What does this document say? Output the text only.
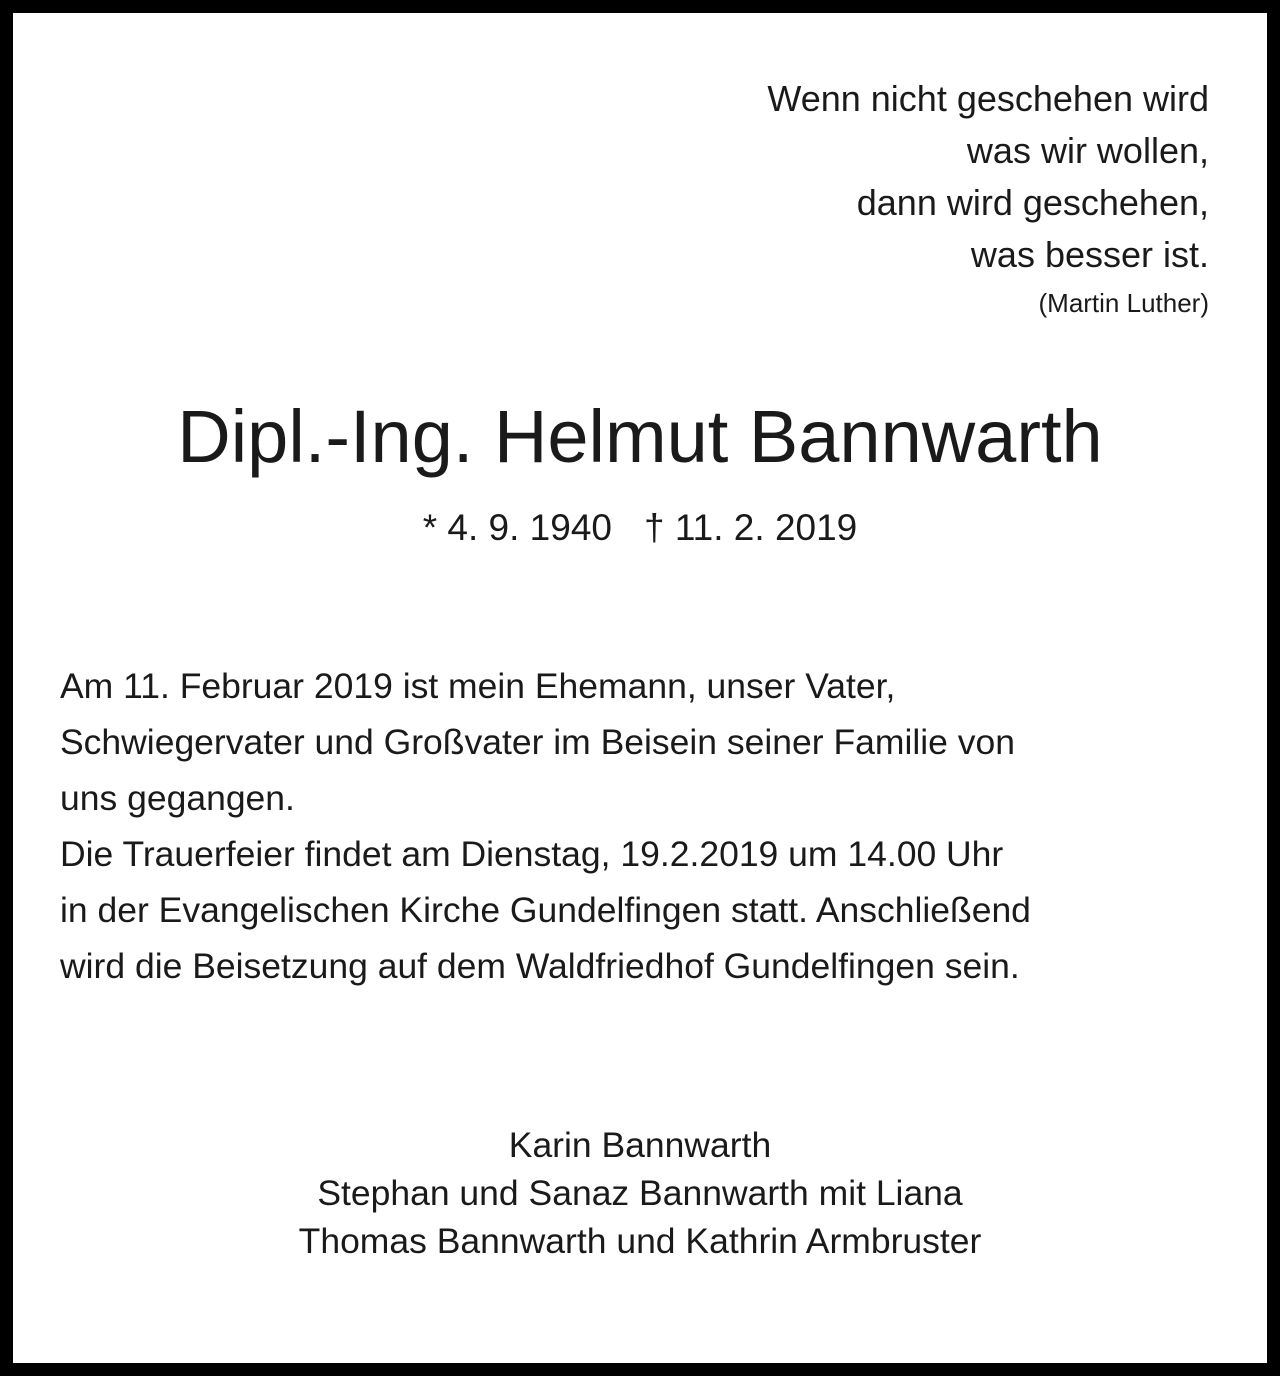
Wenn nicht geschehen wird
was wir wollen,
dann wird geschehen,
was besser ist.
(Martin Luther)
Dipl.-Ing. Helmut Bannwarth
* 4. 9. 1940 † 11. 2. 2019
Am 11. Februar 2019 ist mein Ehemann, unser Vater,
Schwiegervater und Großvater im Beisein seiner Familie von
uns gegangen.
Die Trauerfeier findet am Dienstag, 19.2.2019 um 14.00 Uhr
in der Evangelischen Kirche Gundelfingen statt. Anschließend
wird die Beisetzung auf dem Waldfriedhof Gundelfingen sein.
Karin Bannwarth
Stephan und Sanaz Bannwarth mit Liana
Thomas Bannwarth und Kathrin Armbruster
